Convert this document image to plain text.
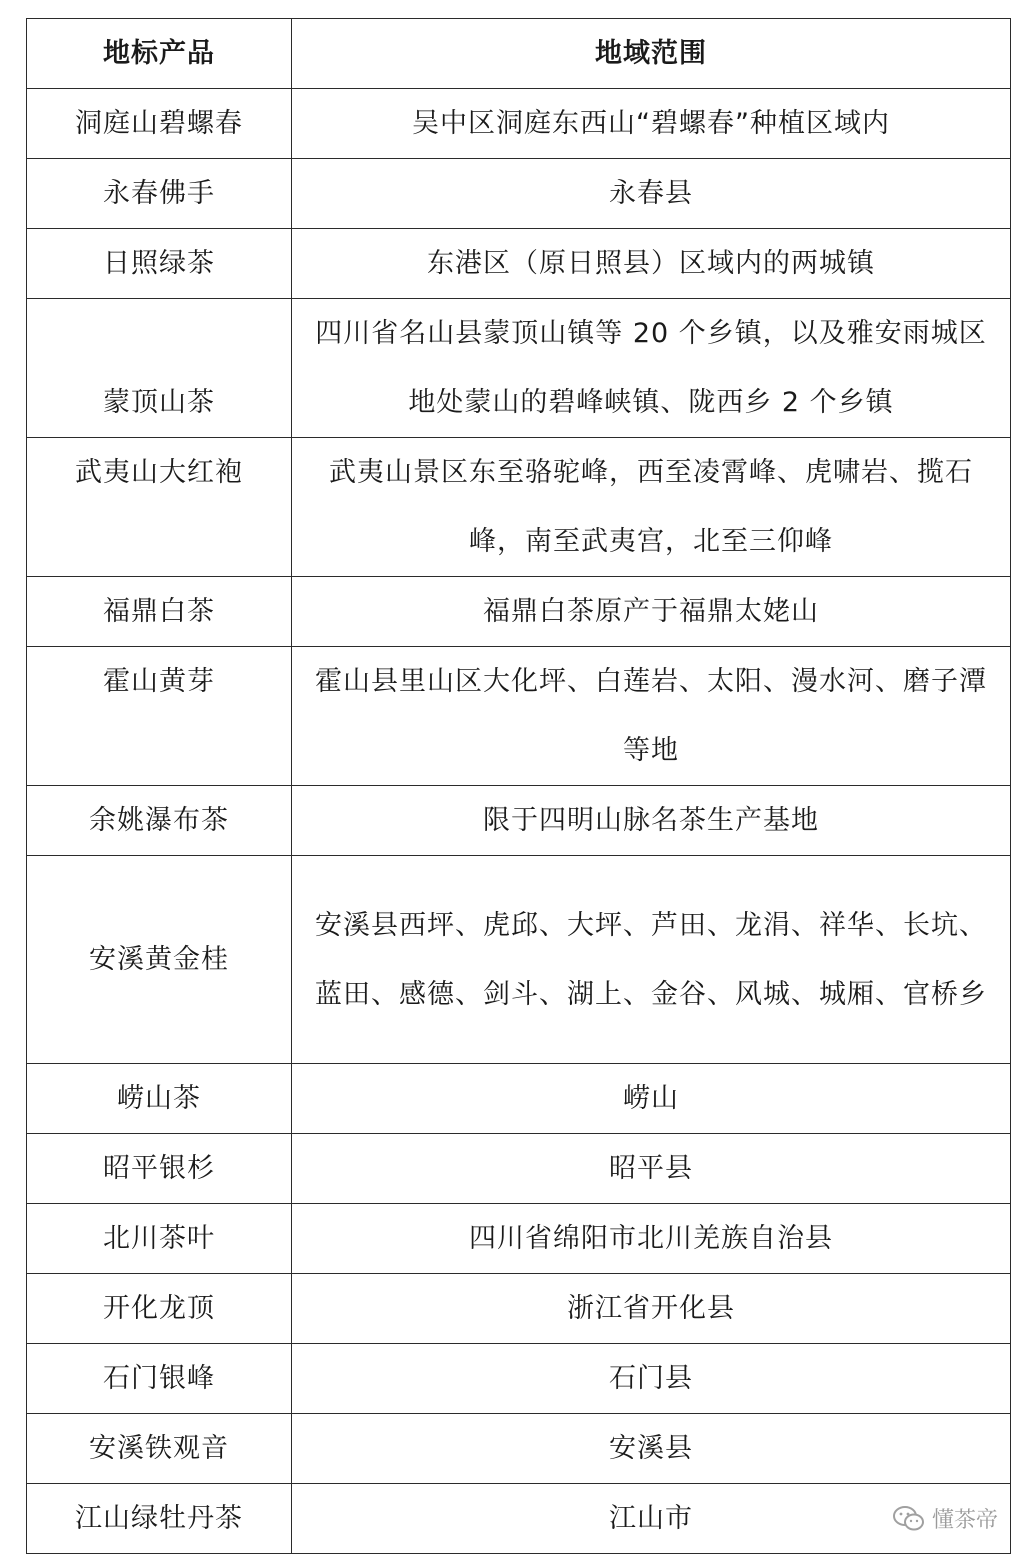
地标产品	地域范围
洞庭山碧螺春	吴中区洞庭东西山“碧螺春”种植区域内
永春佛手	永春县
日照绿茶	东港区（原日照县）区域内的两城镇
蒙顶山茶	四川省名山县蒙顶山镇等 20 个乡镇，以及雅安雨城区地处蒙山的碧峰峡镇、陇西乡 2 个乡镇
武夷山大红袍	武夷山景区东至骆驼峰，西至凌霄峰、虎啸岩、揽石峰，南至武夷宫，北至三仰峰
福鼎白茶	福鼎白茶原产于福鼎太姥山
霍山黄芽	霍山县里山区大化坪、白莲岩、太阳、漫水河、磨子潭等地
余姚瀑布茶	限于四明山脉名茶生产基地
安溪黄金桂	安溪县西坪、虎邱、大坪、芦田、龙涓、祥华、长坑、蓝田、感德、剑斗、湖上、金谷、风城、城厢、官桥乡
崂山茶	崂山
昭平银杉	昭平县
北川茶叶	四川省绵阳市北川羌族自治县
开化龙顶	浙江省开化县
石门银峰	石门县
安溪铁观音	安溪县
江山绿牡丹茶	江山市	懂茶帝
